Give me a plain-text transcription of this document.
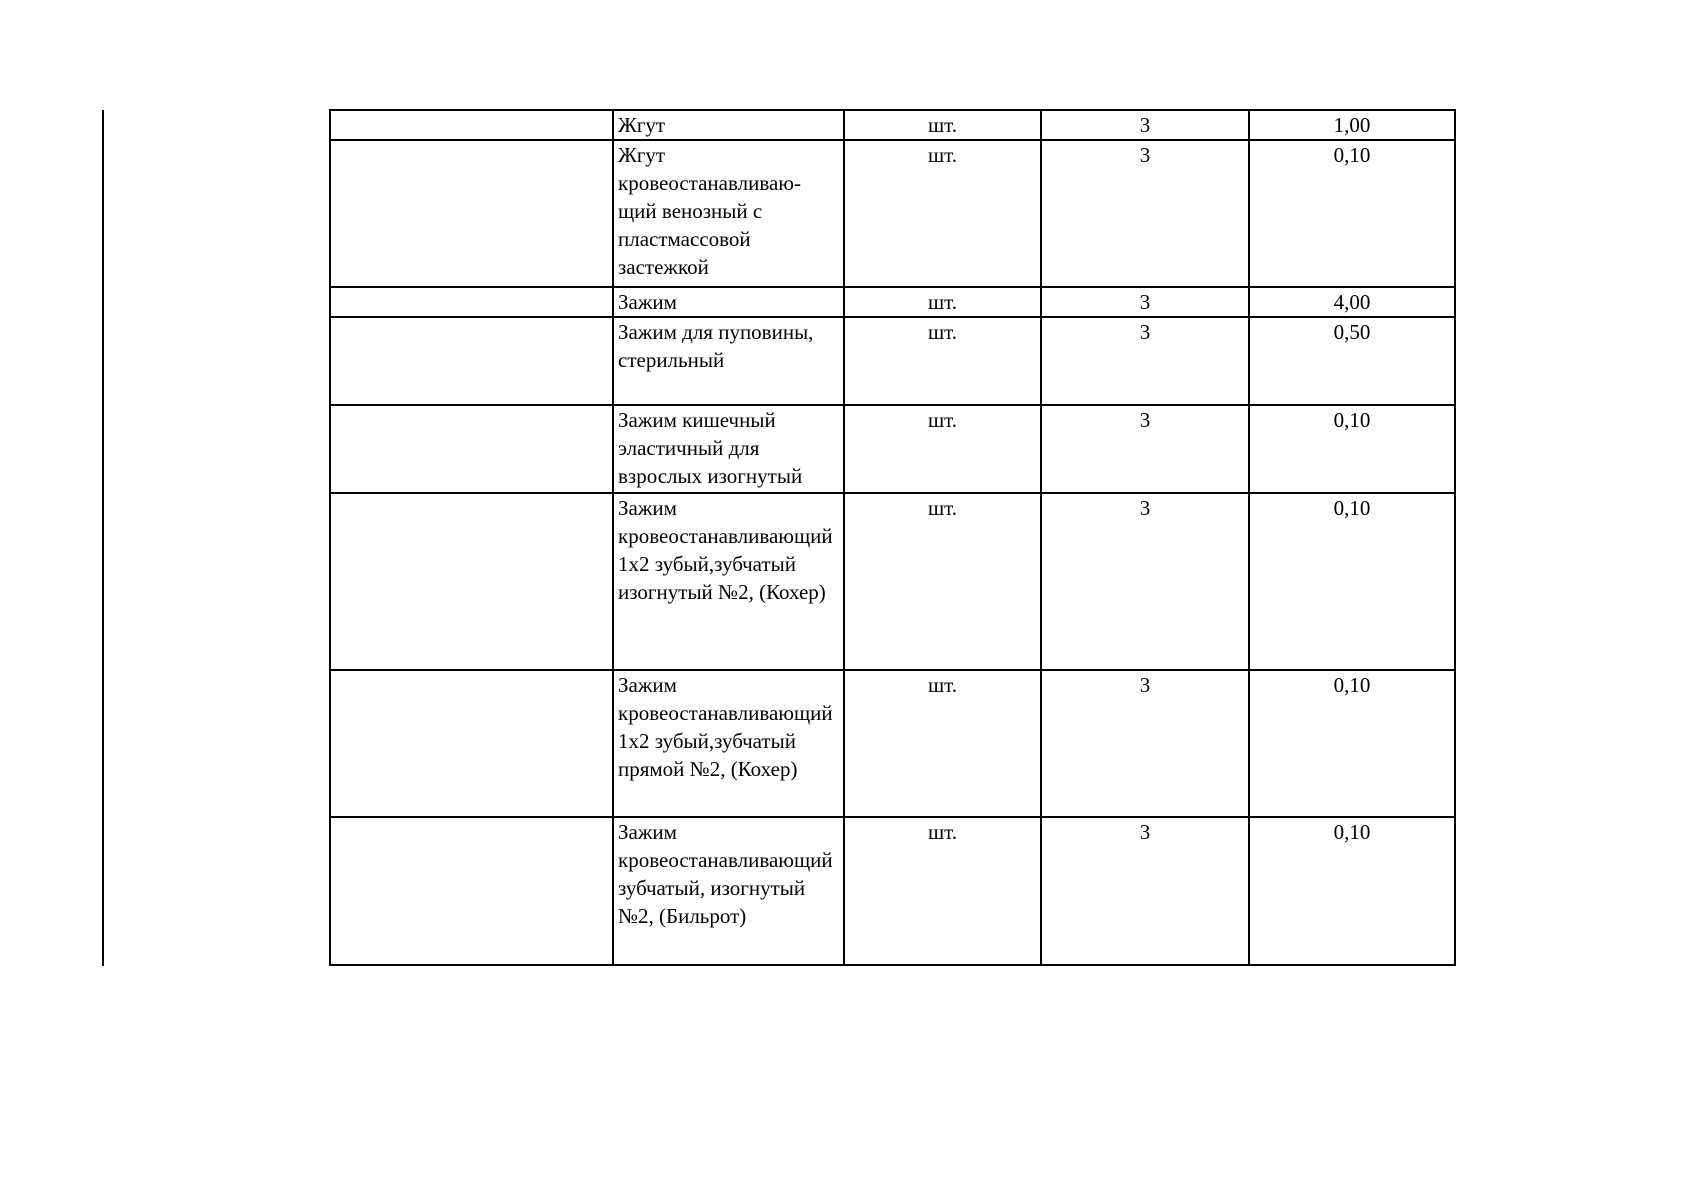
	Жгут	шт.	3	1,00
	Жгут кровеостанавливаю-щий венозный с пластмассовой застежкой	шт.	3	0,10
	Зажим	шт.	3	4,00
	Зажим для пуповины, стерильный	шт.	3	0,50
	Зажим кишечный эластичный для взрослых изогнутый	шт.	3	0,10
	Зажим кровеостанавливающий 1х2 зубый,зубчатый изогнутый №2, (Кохер)	шт.	3	0,10
	Зажим кровеостанавливающий 1х2 зубый,зубчатый прямой №2, (Кохер)	шт.	3	0,10
	Зажим кровеостанавливающий зубчатый, изогнутый №2, (Бильрот)	шт.	3	0,10
